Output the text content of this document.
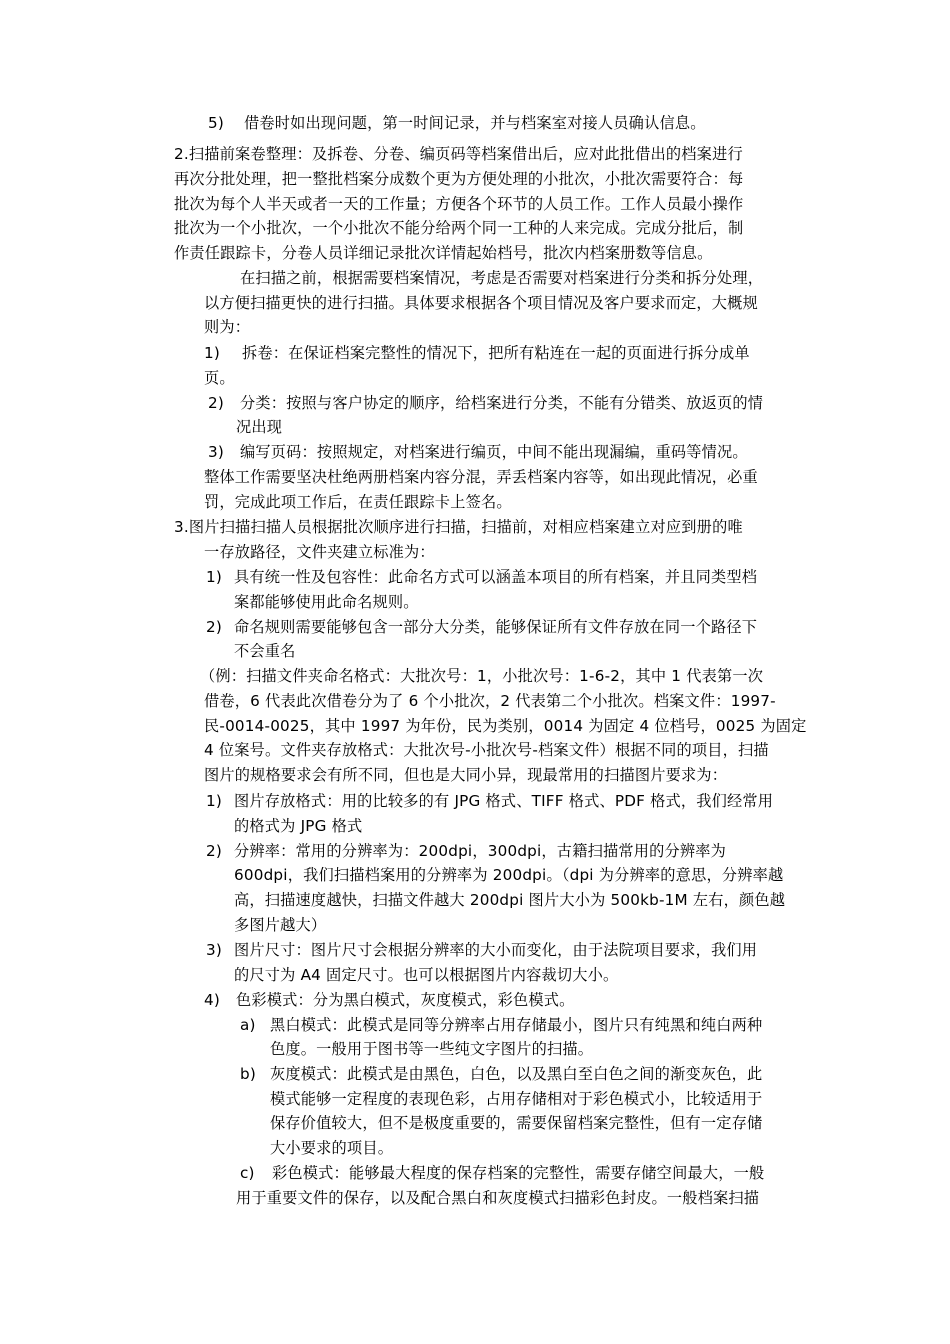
5) 借卷时如出现问题，第一时间记录，并与档案室对接人员确认信息。
2.扫描前案卷整理：及拆卷、分卷、编页码等档案借出后，应对此批借出的档案进行
再次分批处理，把一整批档案分成数个更为方便处理的小批次，小批次需要符合：每
批次为每个人半天或者一天的工作量；方便各个环节的人员工作。工作人员最小操作
批次为一个小批次，一个小批次不能分给两个同一工种的人来完成。完成分批后，制
作责任跟踪卡，分卷人员详细记录批次详情起始档号，批次内档案册数等信息。
在扫描之前，根据需要档案情况，考虑是否需要对档案进行分类和拆分处理，
以方便扫描更快的进行扫描。具体要求根据各个项目情况及客户要求而定，大概规
则为：
1) 拆卷：在保证档案完整性的情况下，把所有粘连在一起的页面进行拆分成单
页。
2) 分类：按照与客户协定的顺序，给档案进行分类，不能有分错类、放返页的情
况出现
3) 编写页码：按照规定，对档案进行编页，中间不能出现漏编，重码等情况。
整体工作需要坚决杜绝两册档案内容分混，弄丢档案内容等，如出现此情况，必重
罚，完成此项工作后，在责任跟踪卡上签名。
3.图片扫描扫描人员根据批次顺序进行扫描，扫描前，对相应档案建立对应到册的唯
一存放路径，文件夹建立标准为：
1) 具有统一性及包容性：此命名方式可以涵盖本项目的所有档案，并且同类型档
案都能够使用此命名规则。
2) 命名规则需要能够包含一部分大分类，能够保证所有文件存放在同一个路径下
不会重名
（例：扫描文件夹命名格式：大批次号：1，小批次号：1-6-2，其中 1 代表第一次
借卷，6 代表此次借卷分为了 6 个小批次，2 代表第二个小批次。档案文件：1997-
民-0014-0025，其中 1997 为年份，民为类别，0014 为固定 4 位档号，0025 为固定
4 位案号。文件夹存放格式：大批次号-小批次号-档案文件）根据不同的项目，扫描
图片的规格要求会有所不同，但也是大同小异，现最常用的扫描图片要求为：
1) 图片存放格式：用的比较多的有 JPG 格式、TIFF 格式、PDF 格式，我们经常用
的格式为 JPG 格式
2) 分辨率：常用的分辨率为：200dpi，300dpi，古籍扫描常用的分辨率为
600dpi，我们扫描档案用的分辨率为 200dpi。（dpi 为分辨率的意思，分辨率越
高，扫描速度越快，扫描文件越大 200dpi 图片大小为 500kb-1M 左右，颜色越
多图片越大）
3) 图片尺寸：图片尺寸会根据分辨率的大小而变化，由于法院项目要求，我们用
的尺寸为 A4 固定尺寸。也可以根据图片内容裁切大小。
4) 色彩模式：分为黑白模式，灰度模式，彩色模式。
a) 黑白模式：此模式是同等分辨率占用存储最小，图片只有纯黑和纯白两种
色度。一般用于图书等一些纯文字图片的扫描。
b) 灰度模式：此模式是由黑色，白色，以及黑白至白色之间的渐变灰色，此
模式能够一定程度的表现色彩，占用存储相对于彩色模式小，比较适用于
保存价值较大，但不是极度重要的，需要保留档案完整性，但有一定存储
大小要求的项目。
c) 彩色模式：能够最大程度的保存档案的完整性，需要存储空间最大，一般
用于重要文件的保存，以及配合黑白和灰度模式扫描彩色封皮。一般档案扫描
